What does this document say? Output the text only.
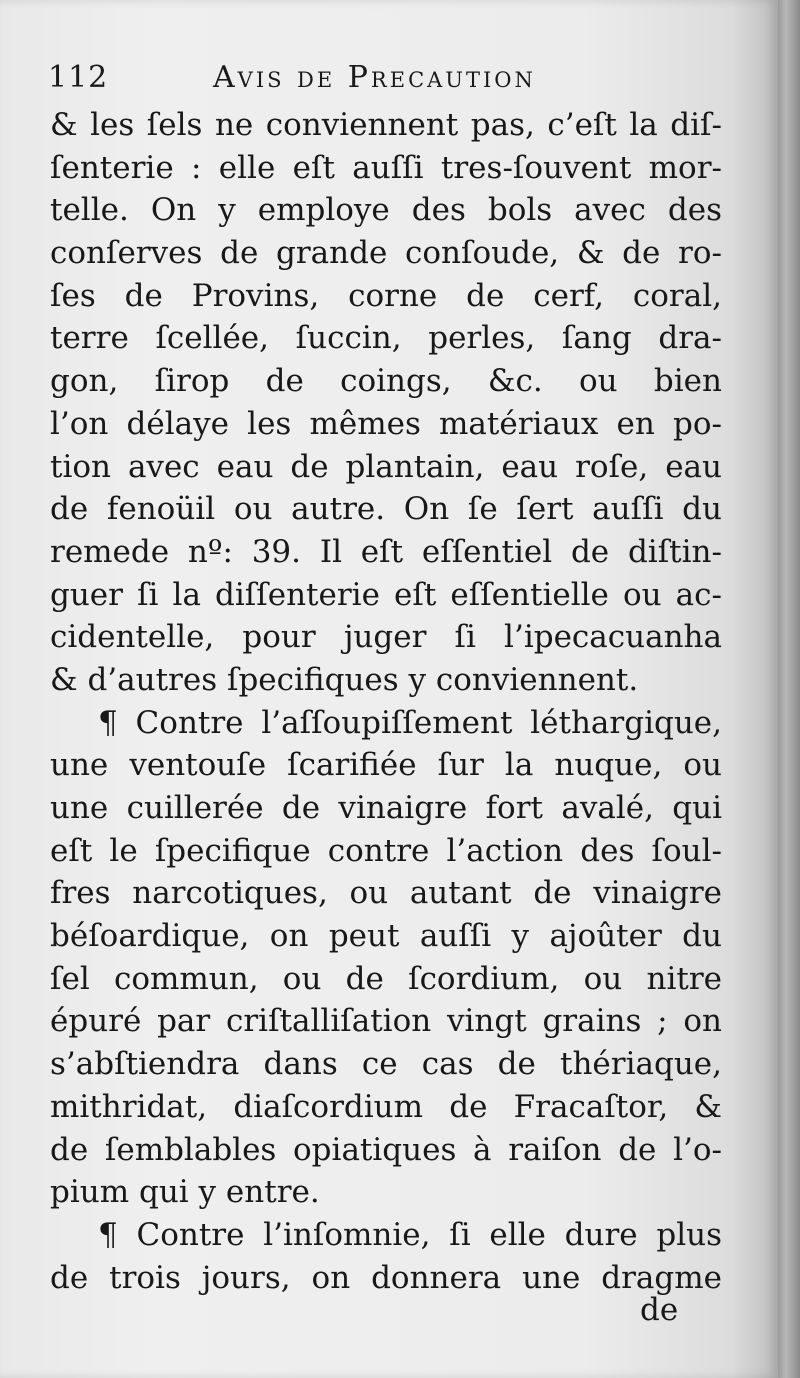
112	Avis de Precaution
& les ſels ne conviennent pas, c’eſt la diſ-
ſenterie : elle eſt auſſi tres-ſouvent mor-
telle. On y employe des bols avec des
conſerves de grande conſoude, & de ro-
ſes de Provins, corne de cerf, coral,
terre ſcellée, ſuccin, perles, ſang dra-
gon, ſirop de coings, &c. ou bien
l’on délaye les mêmes matériaux en po-
tion avec eau de plantain, eau roſe, eau
de fenoüil ou autre. On ſe ſert auſſi du
remede nº: 39. Il eſt eſſentiel de diſtin-
guer ſi la diſſenterie eſt eſſentielle ou ac-
cidentelle, pour juger ſi l’ipecacuanha
& d’autres ſpecifiques y conviennent.
¶ Contre l’aſſoupiſſement léthargique,
une ventouſe ſcarifiée ſur la nuque, ou
une cuillerée de vinaigre fort avalé, qui
eſt le ſpecifique contre l’action des ſoul-
fres narcotiques, ou autant de vinaigre
béſoardique, on peut auſſi y ajoûter du
ſel commun, ou de ſcordium, ou nitre
épuré par criſtalliſation vingt grains ; on
s’abſtiendra dans ce cas de thériaque,
mithridat, diaſcordium de Fracaſtor, &
de ſemblables opiatiques à raiſon de l’o-
pium qui y entre.
¶ Contre l’inſomnie, ſi elle dure plus
de trois jours, on donnera une dragme
de
